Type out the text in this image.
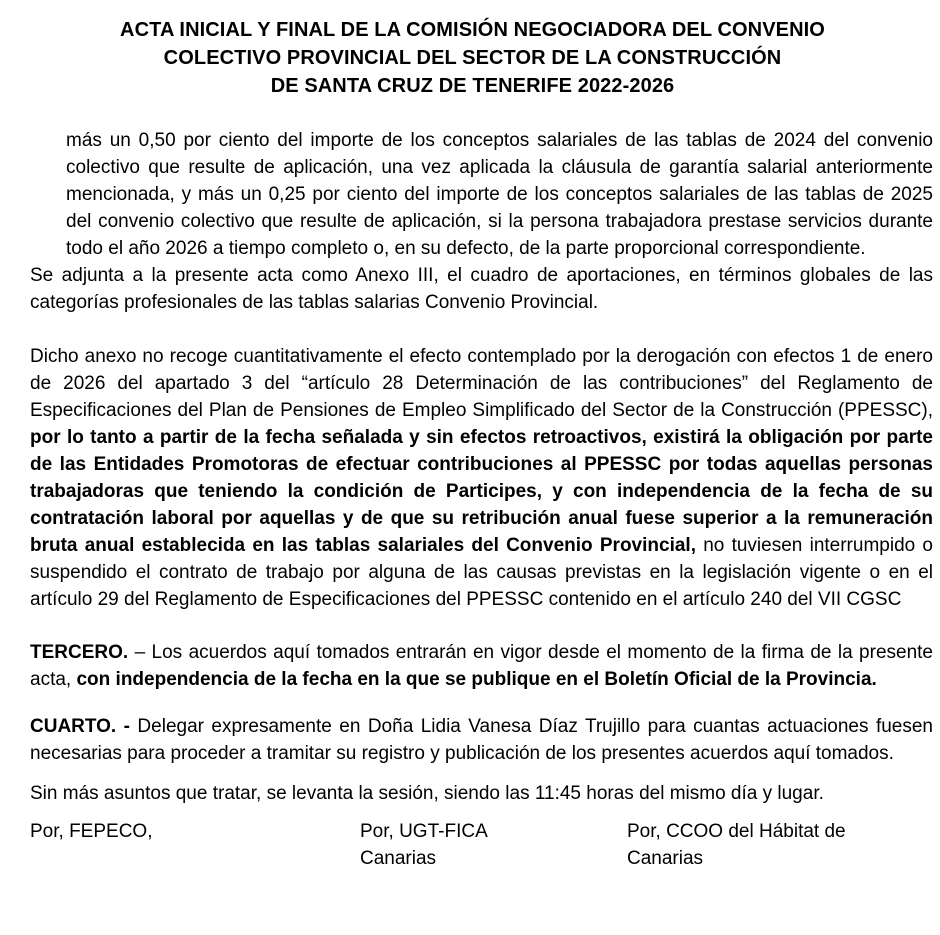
ACTA INICIAL Y FINAL DE LA COMISIÓN NEGOCIADORA DEL CONVENIO
COLECTIVO PROVINCIAL DEL SECTOR DE LA CONSTRUCCIÓN
DE SANTA CRUZ DE TENERIFE 2022-2026

más un 0,50 por ciento del importe de los conceptos salariales de las tablas de 2024 del convenio colectivo que resulte de aplicación, una vez aplicada la cláusula de garantía salarial anteriormente mencionada, y más un 0,25 por ciento del importe de los conceptos salariales de las tablas de 2025 del convenio colectivo que resulte de aplicación, si la persona trabajadora prestase servicios durante todo el año 2026 a tiempo completo o, en su defecto, de la parte proporcional correspondiente.

Se adjunta a la presente acta como Anexo III, el cuadro de aportaciones, en términos globales de las categorías profesionales de las tablas salarias Convenio Provincial.

Dicho anexo no recoge cuantitativamente el efecto contemplado por la derogación con efectos 1 de enero de 2026 del apartado 3 del “artículo 28 Determinación de las contribuciones” del Reglamento de Especificaciones del Plan de Pensiones de Empleo Simplificado del Sector de la Construcción (PPESSC), por lo tanto a partir de la fecha señalada y sin efectos retroactivos, existirá la obligación por parte de las Entidades Promotoras de efectuar contribuciones al PPESSC por todas aquellas personas trabajadoras que teniendo la condición de Participes, y con independencia de la fecha de su contratación laboral por aquellas y de que su retribución anual fuese superior a la remuneración bruta anual establecida en las tablas salariales del Convenio Provincial, no tuviesen interrumpido o suspendido el contrato de trabajo por alguna de las causas previstas en la legislación vigente o en el artículo 29 del Reglamento de Especificaciones del PPESSC contenido en el artículo 240 del VII CGSC

TERCERO. – Los acuerdos aquí tomados entrarán en vigor desde el momento de la firma de la presente acta, con independencia de la fecha en la que se publique en el Boletín Oficial de la Provincia.

CUARTO. - Delegar expresamente en Doña Lidia Vanesa Díaz Trujillo para cuantas actuaciones fuesen necesarias para proceder a tramitar su registro y publicación de los presentes acuerdos aquí tomados.

Sin más asuntos que tratar, se levanta la sesión, siendo las 11:45 horas del mismo día y lugar.

Por, FEPECO,	Por, UGT-FICA
Canarias
Por, CCOO del Hábitat de
Canarias
